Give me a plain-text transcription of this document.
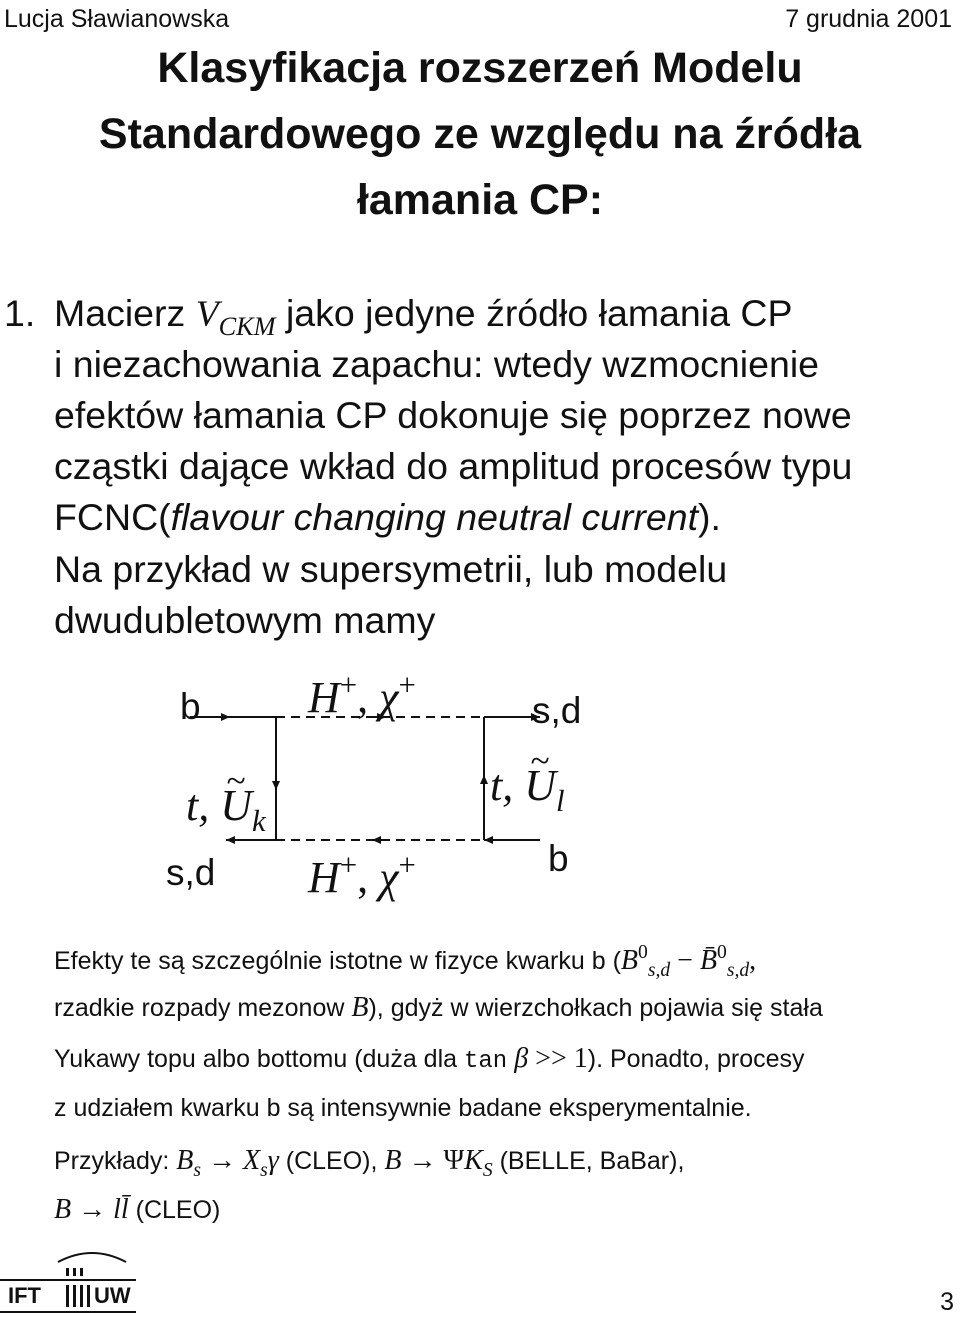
Lucja Sławianowska	7 grudnia 2001
Klasyfikacja rozszerzeń Modelu
Standardowego ze względu na źródła
łamania CP:
1. Macierz $V_{CKM}$ jako jedyne źródło łamania CP
i niezachowania zapachu: wtedy wzmocnienie
efektów łamania CP dokonuje się poprzez nowe
cząstki dające wkład do amplitud procesów typu
FCNC(flavour changing neutral current).
Na przykład w supersymetrii, lub modelu
dwudubletowym mamy
b	s,d
s,d	b
H+, χ+
H+, χ+
t, ~ $U_k$
t, ~ $U_l$
Efekty te są szczególnie istotne w fizyce kwarku b ($B^0_{s,d}$ − B̄$^0_{s,d}$,
rzadkie rozpady mezonow B), gdyż w wierzchołkach pojawia się stała
Yukawy topu albo bottomu (duża dla tan β >> 1). Ponadto, procesy
z udziałem kwarku b są intensywnie badane eksperymentalnie.
Przykłady: $B_s \to X_s\gamma$ (CLEO), $B \to \Psi K_S$ (BELLE, BaBar),
B → ll̄ (CLEO)
IFT UW	3
